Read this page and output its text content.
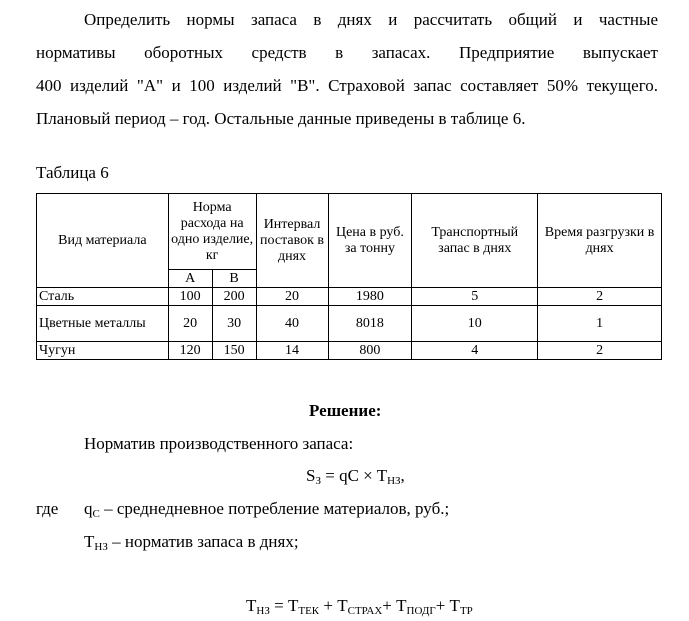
Определить нормы запаса в днях и рассчитать общий и частные
нормативы оборотных средств в запасах. Предприятие выпускает
400 изделий "А" и 100 изделий "В". Страховой запас составляет 50% текущего.
Плановый период – год. Остальные данные приведены в таблице 6.

Таблица 6
Вид материала	Норма расхода на одно изделие, кг		Интервал поставок в днях	Цена в руб. за тонну	Транспортный запас в днях	Время разгрузки в днях
	А	В				
Сталь	100	200	20	1980	5	2
Цветные металлы	20	30	40	8018	10	1
Чугун	120	150	14	800	4	2
Решение:
Норматив производственного запаса:
$S_З$ = qC × $T_{НЗ}$,
где $q_C$ – среднедневное потребление материалов, руб.;
$T_{НЗ}$ – норматив запаса в днях;
$T_{НЗ} = T_{ТЕК} + T_{СТРАХ}+ T_{ПОДГ}+ T_{ТР}$
